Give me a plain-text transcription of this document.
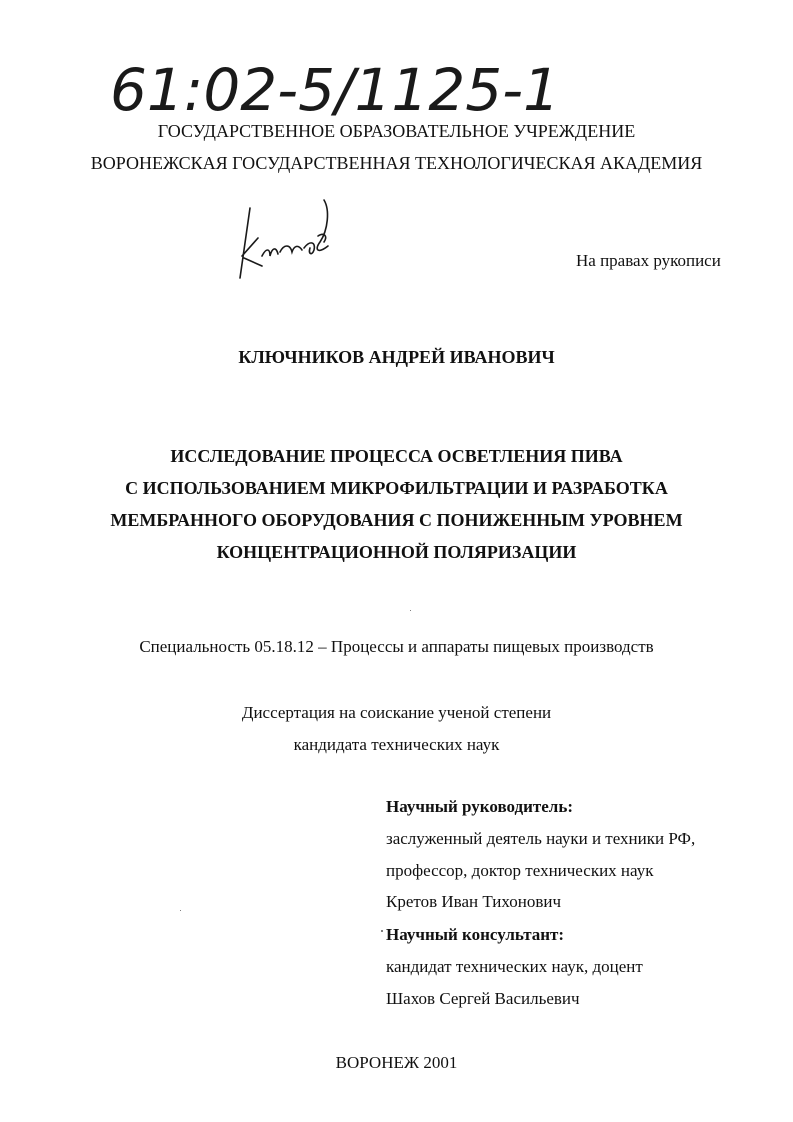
61:02-5/1125-1
ГОСУДАРСТВЕННОЕ ОБРАЗОВАТЕЛЬНОЕ УЧРЕЖДЕНИЕ
ВОРОНЕЖСКАЯ ГОСУДАРСТВЕННАЯ ТЕХНОЛОГИЧЕСКАЯ АКАДЕМИЯ
На правах рукописи
КЛЮЧНИКОВ АНДРЕЙ ИВАНОВИЧ
ИССЛЕДОВАНИЕ ПРОЦЕССА ОСВЕТЛЕНИЯ ПИВА
С ИСПОЛЬЗОВАНИЕМ МИКРОФИЛЬТРАЦИИ И РАЗРАБОТКА
МЕМБРАННОГО ОБОРУДОВАНИЯ С ПОНИЖЕННЫМ УРОВНЕМ
КОНЦЕНТРАЦИОННОЙ ПОЛЯРИЗАЦИИ
Специальность 05.18.12 – Процессы и аппараты пищевых производств
Диссертация на соискание ученой степени
кандидата технических наук
Научный руководитель:
заслуженный деятель науки и техники РФ,
профессор, доктор технических наук
Кретов Иван Тихонович
Научный консультант:
кандидат технических наук, доцент
Шахов Сергей Васильевич
ВОРОНЕЖ 2001
